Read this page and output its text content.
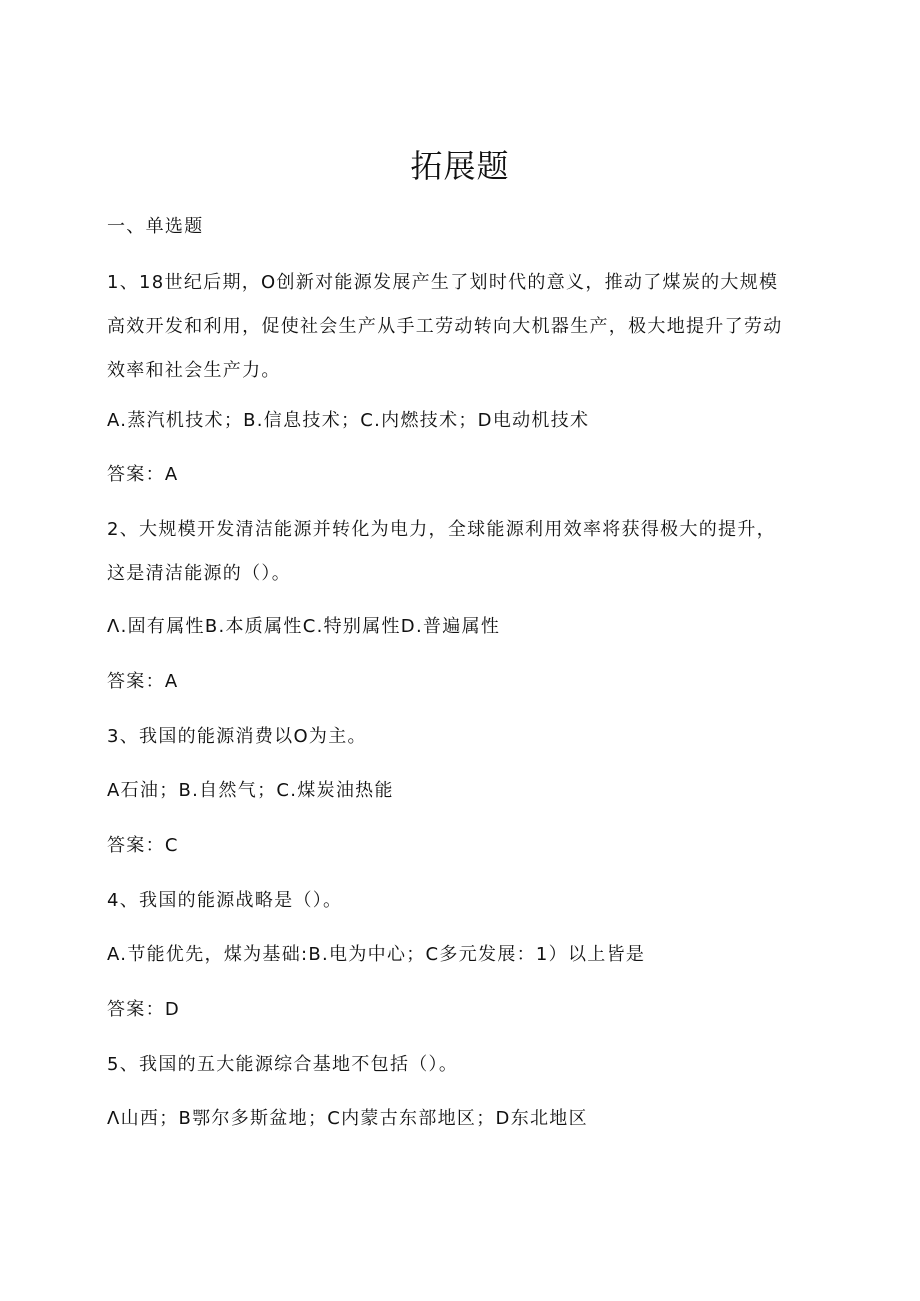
拓展题
一、单选题
1、18世纪后期，O创新对能源发展产生了划时代的意义，推动了煤炭的大规模
高效开发和利用，促使社会生产从手工劳动转向大机器生产，极大地提升了劳动
效率和社会生产力。
A.蒸汽机技术；B.信息技术；C.内燃技术；D电动机技术
答案：A
2、大规模开发清洁能源并转化为电力，全球能源利用效率将获得极大的提升，
这是清洁能源的（）。
Λ.固有属性B.本质属性C.特别属性D.普遍属性
答案：A
3、我国的能源消费以O为主。
A石油；B.自然气；C.煤炭油热能
答案：C
4、我国的能源战略是（）。
A.节能优先，煤为基础:B.电为中心；C多元发展：1）以上皆是
答案：D
5、我国的五大能源综合基地不包括（）。
Λ山西；B鄂尔多斯盆地；C内蒙古东部地区；D东北地区
